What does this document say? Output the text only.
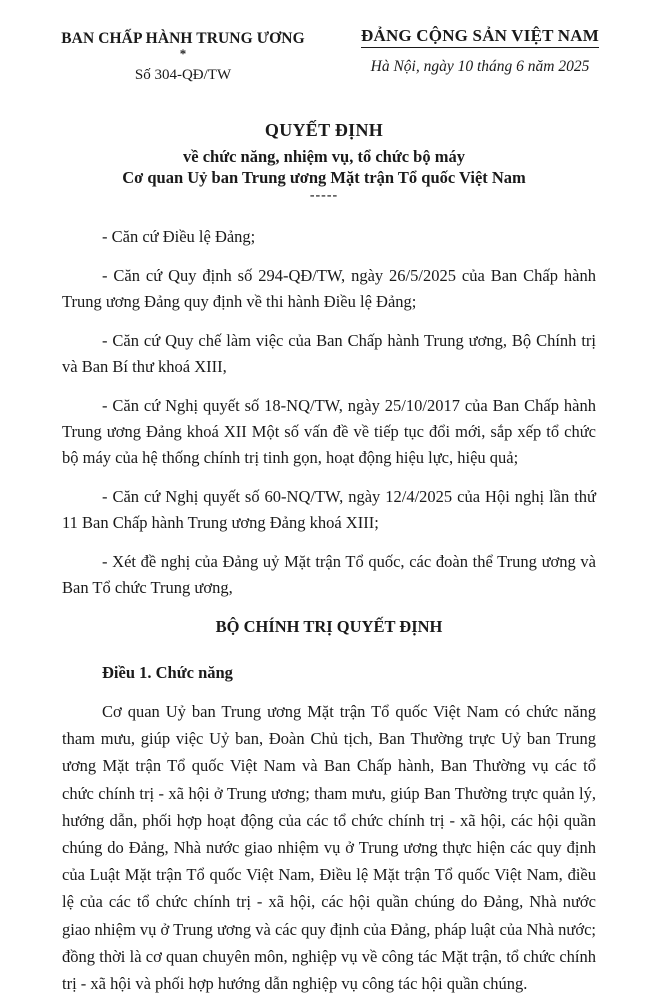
BAN CHẤP HÀNH TRUNG ƯƠNG
*
Số 304-QĐ/TW
ĐẢNG CỘNG SẢN VIỆT NAM
Hà Nội, ngày 10 tháng 6 năm 2025
QUYẾT ĐỊNH
về chức năng, nhiệm vụ, tổ chức bộ máy
Cơ quan Uỷ ban Trung ương Mặt trận Tổ quốc Việt Nam
-----

- Căn cứ Điều lệ Đảng;

- Căn cứ Quy định số 294-QĐ/TW, ngày 26/5/2025 của Ban Chấp hành Trung ương Đảng quy định về thi hành Điều lệ Đảng;

- Căn cứ Quy chế làm việc của Ban Chấp hành Trung ương, Bộ Chính trị và Ban Bí thư khoá XIII,

- Căn cứ Nghị quyết số 18-NQ/TW, ngày 25/10/2017 của Ban Chấp hành Trung ương Đảng khoá XII Một số vấn đề về tiếp tục đổi mới, sắp xếp tổ chức bộ máy của hệ thống chính trị tinh gọn, hoạt động hiệu lực, hiệu quả;

- Căn cứ Nghị quyết số 60-NQ/TW, ngày 12/4/2025 của Hội nghị lần thứ 11 Ban Chấp hành Trung ương Đảng khoá XIII;

- Xét đề nghị của Đảng uỷ Mặt trận Tổ quốc, các đoàn thể Trung ương và Ban Tổ chức Trung ương,

BỘ CHÍNH TRỊ QUYẾT ĐỊNH

Điều 1. Chức năng

Cơ quan Uỷ ban Trung ương Mặt trận Tổ quốc Việt Nam có chức năng tham mưu, giúp việc Uỷ ban, Đoàn Chủ tịch, Ban Thường trực Uỷ ban Trung ương Mặt trận Tổ quốc Việt Nam và Ban Chấp hành, Ban Thường vụ các tổ chức chính trị - xã hội ở Trung ương; tham mưu, giúp Ban Thường trực quản lý, hướng dẫn, phối hợp hoạt động của các tổ chức chính trị - xã hội, các hội quần chúng do Đảng, Nhà nước giao nhiệm vụ ở Trung ương thực hiện các quy định của Luật Mặt trận Tổ quốc Việt Nam, Điều lệ Mặt trận Tổ quốc Việt Nam, điều lệ của các tổ chức chính trị - xã hội, các hội quần chúng do Đảng, Nhà nước giao nhiệm vụ ở Trung ương và các quy định của Đảng, pháp luật của Nhà nước; đồng thời là cơ quan chuyên môn, nghiệp vụ về công tác Mặt trận, tổ chức chính trị - xã hội và phối hợp hướng dẫn nghiệp vụ công tác hội quần chúng.
